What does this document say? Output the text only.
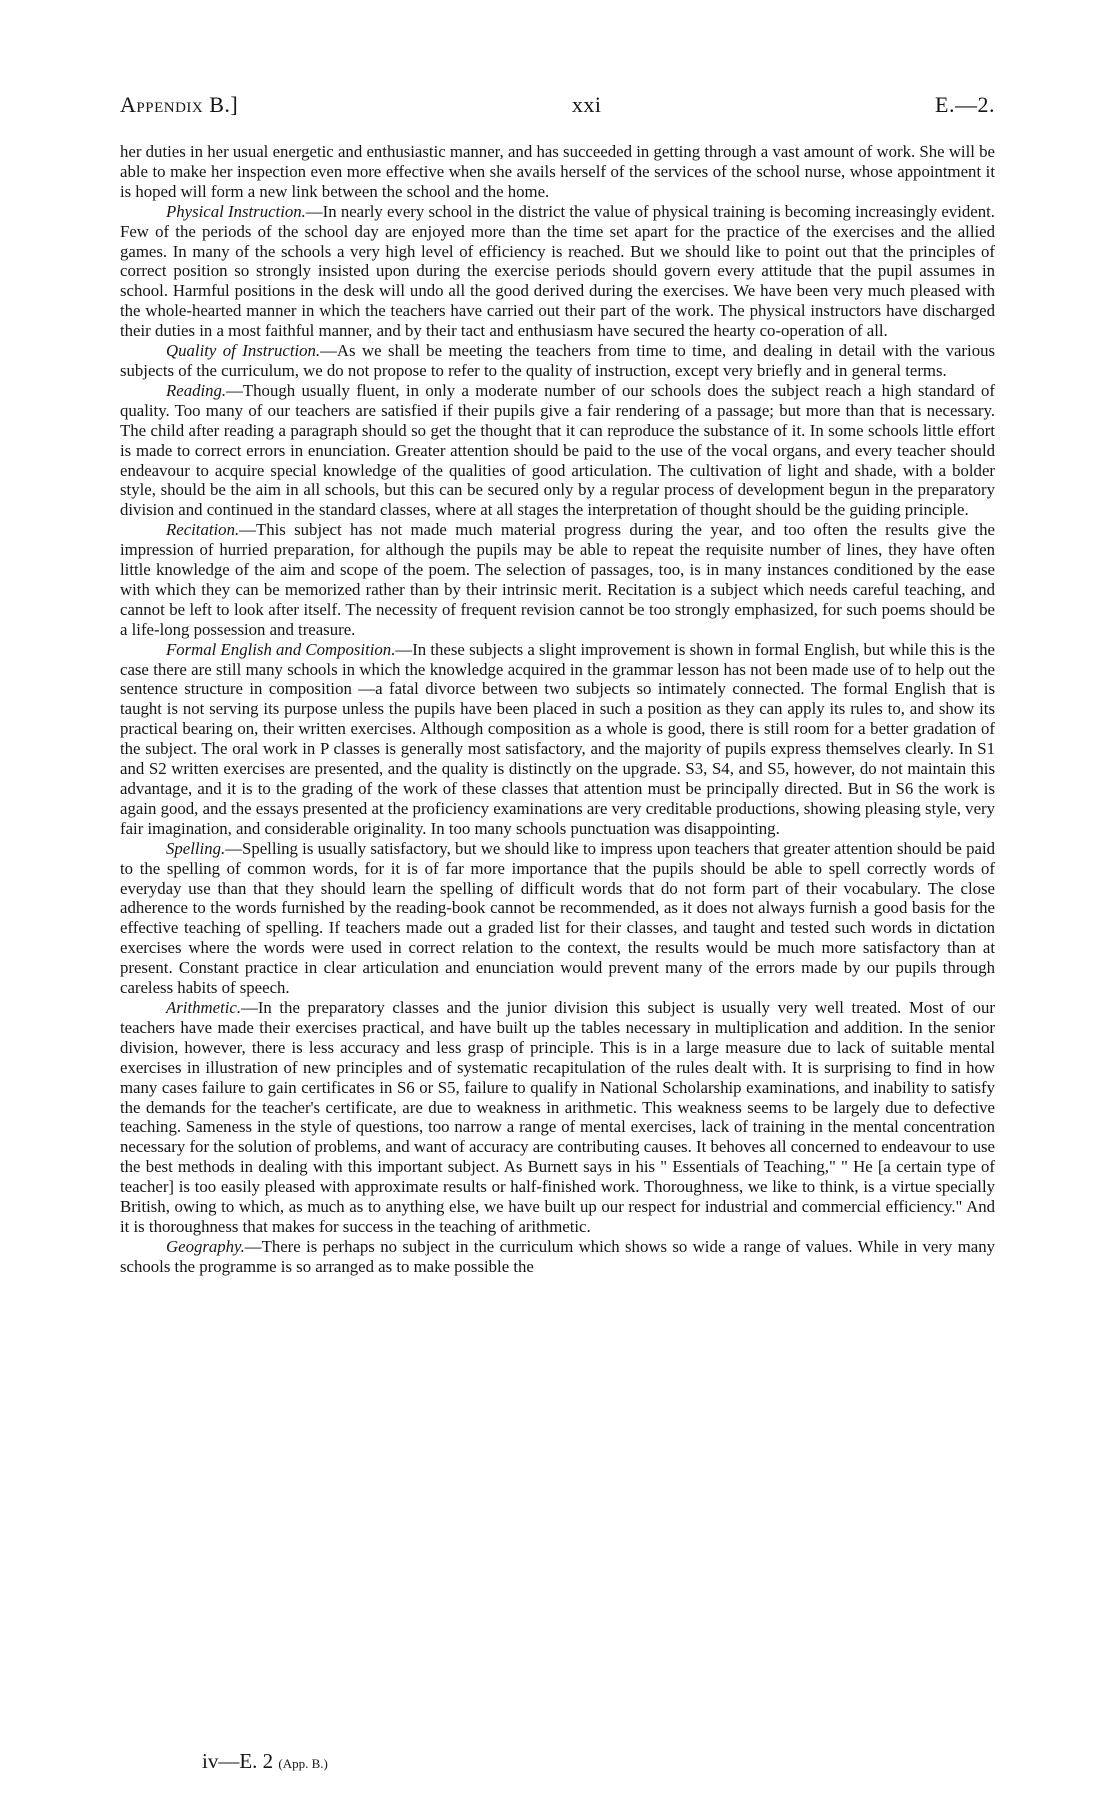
Appendix B.]	xxi	E.—2.

her duties in her usual energetic and enthusiastic manner, and has succeeded in getting through a vast amount of work. She will be able to make her inspection even more effective when she avails herself of the services of the school nurse, whose appointment it is hoped will form a new link between the school and the home.

Physical Instruction.—In nearly every school in the district the value of physical training is becoming increasingly evident. Few of the periods of the school day are enjoyed more than the time set apart for the practice of the exercises and the allied games. In many of the schools a very high level of efficiency is reached. But we should like to point out that the principles of correct position so strongly insisted upon during the exercise periods should govern every attitude that the pupil assumes in school. Harmful positions in the desk will undo all the good derived during the exercises. We have been very much pleased with the whole-hearted manner in which the teachers have carried out their part of the work. The physical instructors have discharged their duties in a most faithful manner, and by their tact and enthusiasm have secured the hearty co-operation of all.

Quality of Instruction.—As we shall be meeting the teachers from time to time, and dealing in detail with the various subjects of the curriculum, we do not propose to refer to the quality of instruction, except very briefly and in general terms.

Reading.—Though usually fluent, in only a moderate number of our schools does the subject reach a high standard of quality. Too many of our teachers are satisfied if their pupils give a fair rendering of a passage; but more than that is necessary. The child after reading a paragraph should so get the thought that it can reproduce the substance of it. In some schools little effort is made to correct errors in enunciation. Greater attention should be paid to the use of the vocal organs, and every teacher should endeavour to acquire special knowledge of the qualities of good articulation. The cultivation of light and shade, with a bolder style, should be the aim in all schools, but this can be secured only by a regular process of development begun in the preparatory division and continued in the standard classes, where at all stages the interpretation of thought should be the guiding principle.

Recitation.—This subject has not made much material progress during the year, and too often the results give the impression of hurried preparation, for although the pupils may be able to repeat the requisite number of lines, they have often little knowledge of the aim and scope of the poem. The selection of passages, too, is in many instances conditioned by the ease with which they can be memorized rather than by their intrinsic merit. Recitation is a subject which needs careful teaching, and cannot be left to look after itself. The necessity of frequent revision cannot be too strongly emphasized, for such poems should be a life-long possession and treasure.

Formal English and Composition.—In these subjects a slight improvement is shown in formal English, but while this is the case there are still many schools in which the knowledge acquired in the grammar lesson has not been made use of to help out the sentence structure in composition —a fatal divorce between two subjects so intimately connected. The formal English that is taught is not serving its purpose unless the pupils have been placed in such a position as they can apply its rules to, and show its practical bearing on, their written exercises. Although composition as a whole is good, there is still room for a better gradation of the subject. The oral work in P classes is generally most satisfactory, and the majority of pupils express themselves clearly. In S1 and S2 written exercises are presented, and the quality is distinctly on the upgrade. S3, S4, and S5, however, do not maintain this advantage, and it is to the grading of the work of these classes that attention must be principally directed. But in S6 the work is again good, and the essays presented at the proficiency examinations are very creditable productions, showing pleasing style, very fair imagination, and considerable originality. In too many schools punctuation was disappointing.

Spelling.—Spelling is usually satisfactory, but we should like to impress upon teachers that greater attention should be paid to the spelling of common words, for it is of far more importance that the pupils should be able to spell correctly words of everyday use than that they should learn the spelling of difficult words that do not form part of their vocabulary. The close adherence to the words furnished by the reading-book cannot be recommended, as it does not always furnish a good basis for the effective teaching of spelling. If teachers made out a graded list for their classes, and taught and tested such words in dictation exercises where the words were used in correct relation to the context, the results would be much more satisfactory than at present. Constant practice in clear articulation and enunciation would prevent many of the errors made by our pupils through careless habits of speech.

Arithmetic.—In the preparatory classes and the junior division this subject is usually very well treated. Most of our teachers have made their exercises practical, and have built up the tables necessary in multiplication and addition. In the senior division, however, there is less accuracy and less grasp of principle. This is in a large measure due to lack of suitable mental exercises in illustration of new principles and of systematic recapitulation of the rules dealt with. It is surprising to find in how many cases failure to gain certificates in S6 or S5, failure to qualify in National Scholarship examinations, and inability to satisfy the demands for the teacher's certificate, are due to weakness in arithmetic. This weakness seems to be largely due to defective teaching. Sameness in the style of questions, too narrow a range of mental exercises, lack of training in the mental concentration necessary for the solution of problems, and want of accuracy are contributing causes. It behoves all concerned to endeavour to use the best methods in dealing with this important subject. As Burnett says in his " Essentials of Teaching," " He [a certain type of teacher] is too easily pleased with approximate results or half-finished work. Thoroughness, we like to think, is a virtue specially British, owing to which, as much as to anything else, we have built up our respect for industrial and commercial efficiency." And it is thoroughness that makes for success in the teaching of arithmetic.

Geography.—There is perhaps no subject in the curriculum which shows so wide a range of values. While in very many schools the programme is so arranged as to make possible the

iv—E. 2 (App. B.)
